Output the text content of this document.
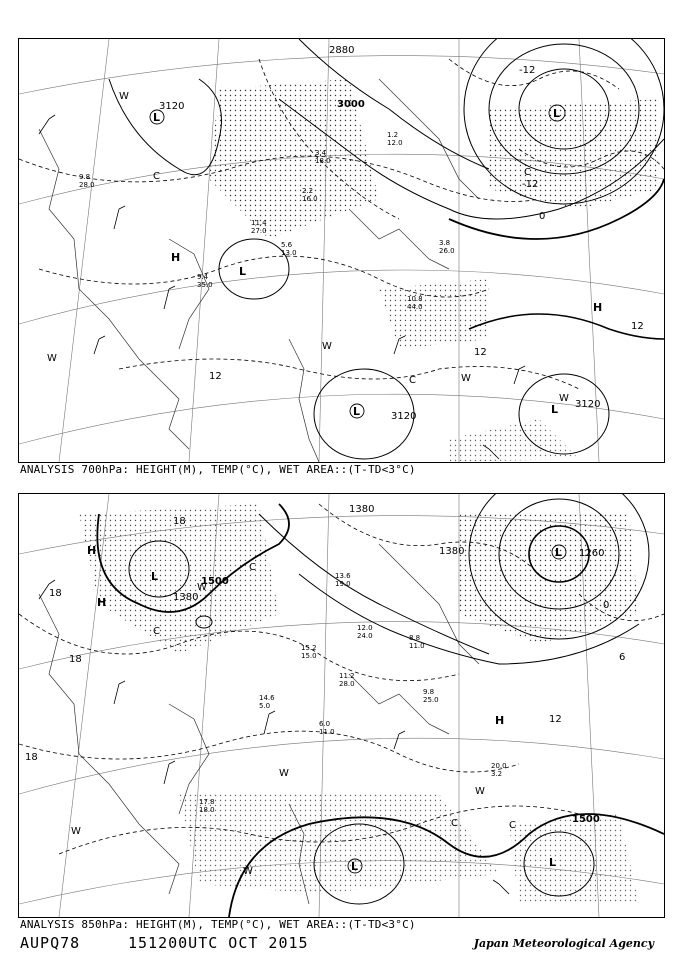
3120	3000
2880
3120
3120
12
12
0
12
-12
-12
L	L
L	L
L
H
H
W
C	C
W
C	W
W
W
9.8
28.0
11.4
27.0
3.4
18.0
1.2
12.0
10.8
44.0
2.2
16.0
5.6
13.0
9.4
35.0
3.8
26.0
ANALYSIS 700hPa: HEIGHT(M), TEMP(°C), WET AREA::(T-TD<3°C)
1500
1500
1380
1380
1380
1260
18
18
18
18
12
0
6
L
L
L	L
H
H
H
W
C
C
W
W
W
C	C
W
15.2
15.0
12.0
24.0
17.8
18.0
11.2
28.0
20.0
3.2
8.8
11.0
14.6
5.0
9.8
25.0
13.6
19.0
6.0
11.0
ANALYSIS 850hPa: HEIGHT(M), TEMP(°C), WET AREA::(T-TD<3°C)
AUPQ78	151200UTC OCT 2015	Japan Meteorological Agency
